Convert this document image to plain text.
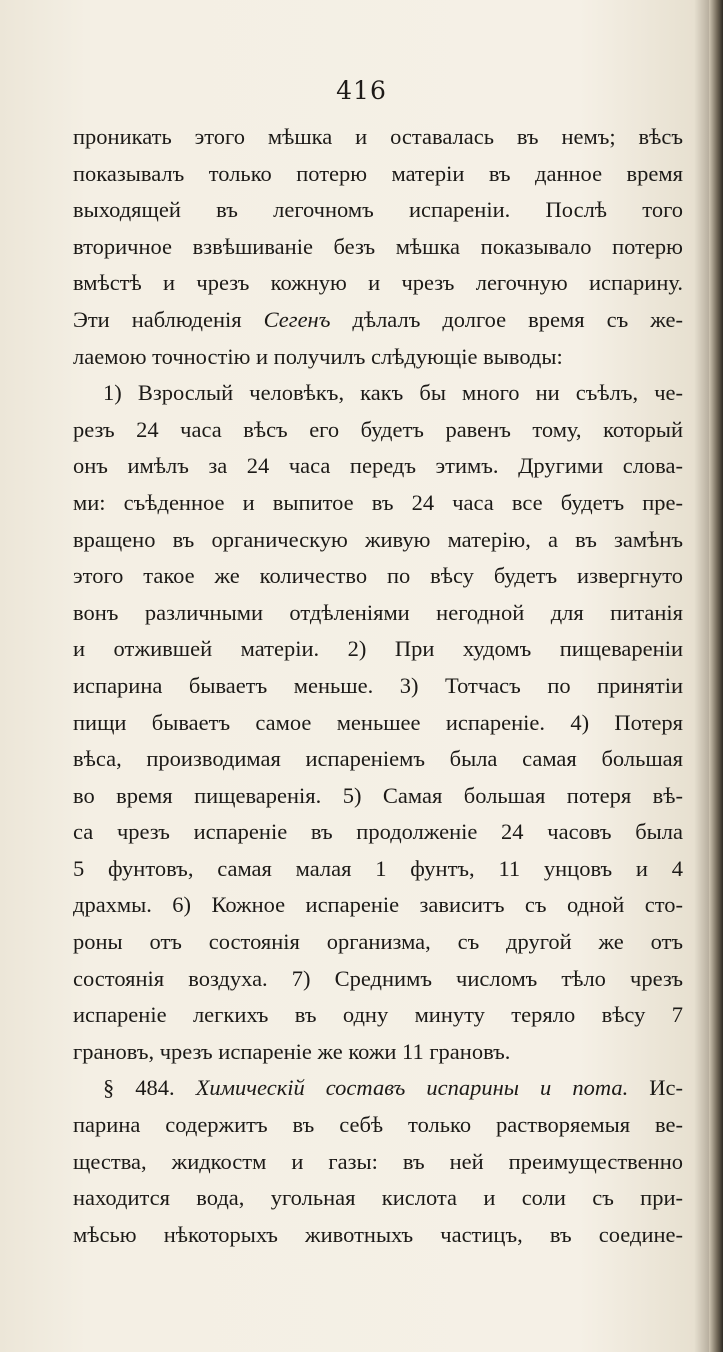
416
проникать этого мѣшка и оставалась въ немъ; вѣсъ
показывалъ только потерю матеріи въ данное время
выходящей въ легочномъ испареніи. Послѣ того
вторичное взвѣшиваніе безъ мѣшка показывало потерю
вмѣстѣ и чрезъ кожную и чрезъ легочную испарину.
Эти наблюденія Сегенъ дѣлалъ долгое время съ же-
лаемою точностію и получилъ слѣдующіе выводы:
1) Взрослый человѣкъ, какъ бы много ни съѣлъ, че-
резъ 24 часа вѣсъ его будетъ равенъ тому, который
онъ имѣлъ за 24 часа передъ этимъ. Другими слова-
ми: съѣденное и выпитое въ 24 часа все будетъ пре-
вращено въ органическую живую матерію, а въ замѣнъ
этого такое же количество по вѣсу будетъ извергнуто
вонъ различными отдѣленіями негодной для питанія
и отжившей матеріи. 2) При худомъ пищевареніи
испарина бываетъ меньше. 3) Тотчасъ по принятіи
пищи бываетъ самое меньшее испареніе. 4) Потеря
вѣса, производимая испареніемъ была самая большая
во время пищеваренія. 5) Самая большая потеря вѣ-
са чрезъ испареніе въ продолженіе 24 часовъ была
5 фунтовъ, самая малая 1 фунтъ, 11 унцовъ и 4
драхмы. 6) Кожное испареніе зависитъ съ одной сто-
роны отъ состоянія организма, съ другой же отъ
состоянія воздуха. 7) Среднимъ числомъ тѣло чрезъ
испареніе легкихъ въ одну минуту теряло вѣсу 7
грановъ, чрезъ испареніе же кожи 11 грановъ.
§ 484. Химическій составъ испарины и пота. Ис-
парина содержитъ въ себѣ только растворяемыя ве-
щества, жидкостм и газы: въ ней преимущественно
находится вода, угольная кислота и соли съ при-
мѣсью нѣкоторыхъ животныхъ частицъ, въ соедине-
